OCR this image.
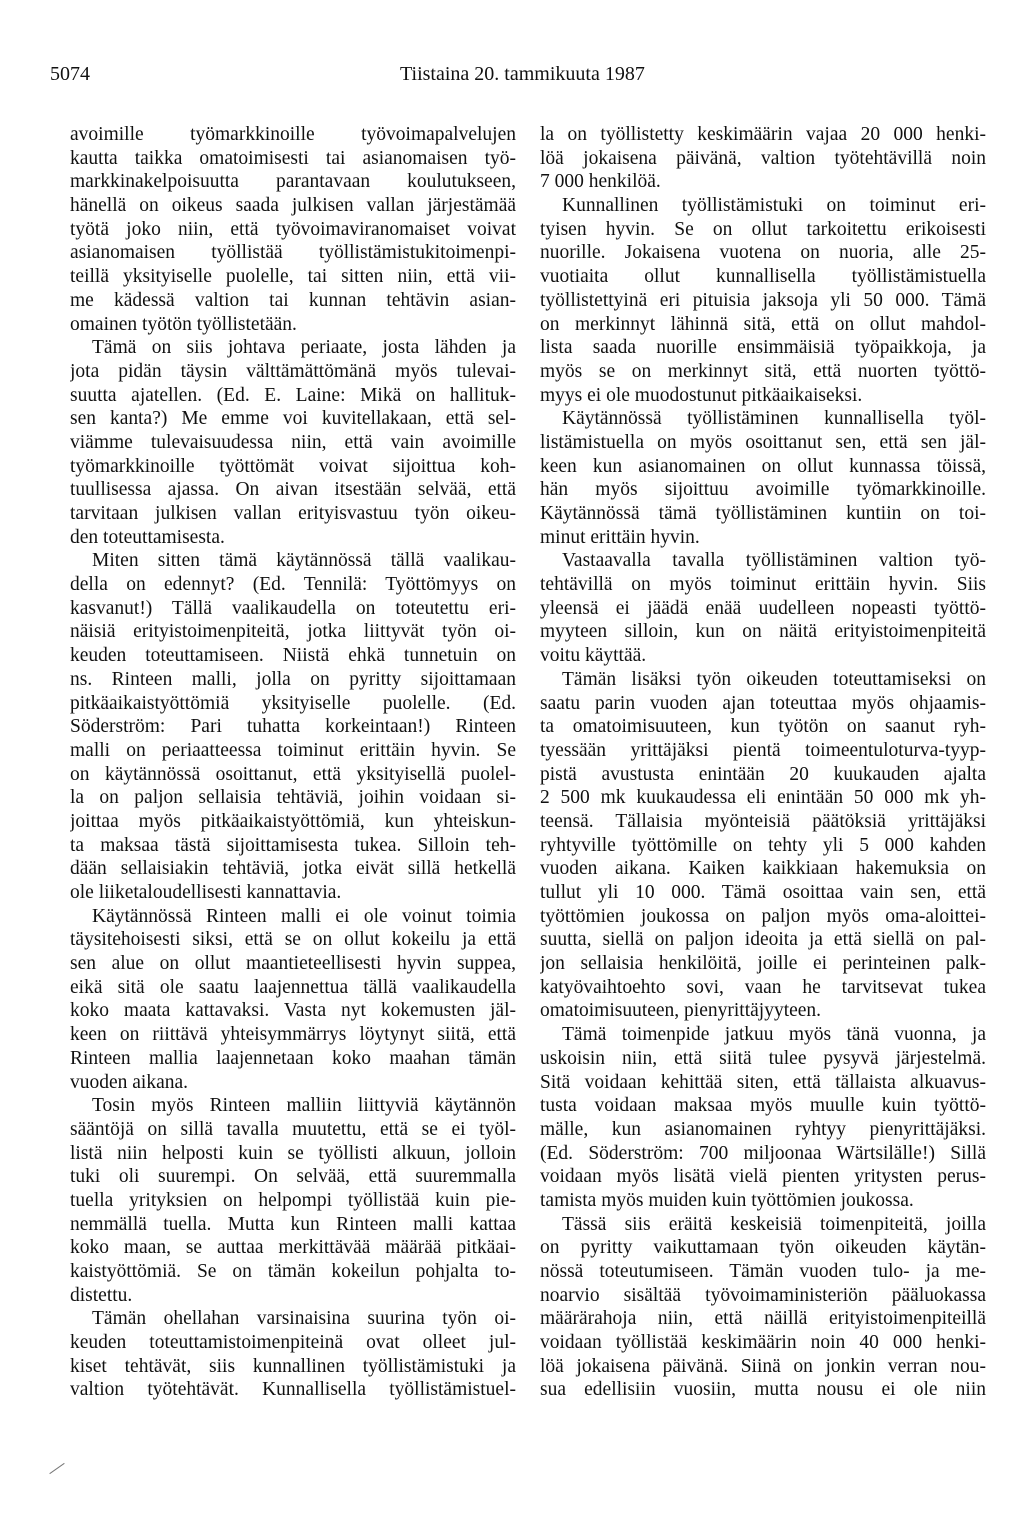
5074	Tiistaina 20. tammikuuta 1987
avoimille työmarkkinoille työvoimapalvelujen
kautta taikka omatoimisesti tai asianomaisen työ-
markkinakelpoisuutta parantavaan koulutukseen,
hänellä on oikeus saada julkisen vallan järjestämää
työtä joko niin, että työvoimaviranomaiset voivat
asianomaisen työllistää työllistämistukitoimenpi-
teillä yksityiselle puolelle, tai sitten niin, että vii-
me kädessä valtion tai kunnan tehtävin asian-
omainen työtön työllistetään.
Tämä on siis johtava periaate, josta lähden ja
jota pidän täysin välttämättömänä myös tulevai-
suutta ajatellen. (Ed. E. Laine: Mikä on hallituk-
sen kanta?) Me emme voi kuvitellakaan, että sel-
viämme tulevaisuudessa niin, että vain avoimille
työmarkkinoille työttömät voivat sijoittua koh-
tuullisessa ajassa. On aivan itsestään selvää, että
tarvitaan julkisen vallan erityisvastuu työn oikeu-
den toteuttamisesta.
Miten sitten tämä käytännössä tällä vaalikau-
della on edennyt? (Ed. Tennilä: Työttömyys on
kasvanut!) Tällä vaalikaudella on toteutettu eri-
näisiä erityistoimenpiteitä, jotka liittyvät työn oi-
keuden toteuttamiseen. Niistä ehkä tunnetuin on
ns. Rinteen malli, jolla on pyritty sijoittamaan
pitkäaikaistyöttömiä yksityiselle puolelle. (Ed.
Söderström: Pari tuhatta korkeintaan!) Rinteen
malli on periaatteessa toiminut erittäin hyvin. Se
on käytännössä osoittanut, että yksityisellä puolel-
la on paljon sellaisia tehtäviä, joihin voidaan si-
joittaa myös pitkäaikaistyöttömiä, kun yhteiskun-
ta maksaa tästä sijoittamisesta tukea. Silloin teh-
dään sellaisiakin tehtäviä, jotka eivät sillä hetkellä
ole liiketaloudellisesti kannattavia.
Käytännössä Rinteen malli ei ole voinut toimia
täysitehoisesti siksi, että se on ollut kokeilu ja että
sen alue on ollut maantieteellisesti hyvin suppea,
eikä sitä ole saatu laajennettua tällä vaalikaudella
koko maata kattavaksi. Vasta nyt kokemusten jäl-
keen on riittävä yhteisymmärrys löytynyt siitä, että
Rinteen mallia laajennetaan koko maahan tämän
vuoden aikana.
Tosin myös Rinteen malliin liittyviä käytännön
sääntöjä on sillä tavalla muutettu, että se ei työl-
listä niin helposti kuin se työllisti alkuun, jolloin
tuki oli suurempi. On selvää, että suuremmalla
tuella yrityksien on helpompi työllistää kuin pie-
nemmällä tuella. Mutta kun Rinteen malli kattaa
koko maan, se auttaa merkittävää määrää pitkäai-
kaistyöttömiä. Se on tämän kokeilun pohjalta to-
distettu.
Tämän ohellahan varsinaisina suurina työn oi-
keuden toteuttamistoimenpiteinä ovat olleet jul-
kiset tehtävät, siis kunnallinen työllistämistuki ja
valtion työtehtävät. Kunnallisella työllistämistuel-
la on työllistetty keskimäärin vajaa 20 000 henki-
löä jokaisena päivänä, valtion työtehtävillä noin
7 000 henkilöä.
Kunnallinen työllistämistuki on toiminut eri-
tyisen hyvin. Se on ollut tarkoitettu erikoisesti
nuorille. Jokaisena vuotena on nuoria, alle 25-
vuotiaita ollut kunnallisella työllistämistuella
työllistettyinä eri pituisia jaksoja yli 50 000. Tämä
on merkinnyt lähinnä sitä, että on ollut mahdol-
lista saada nuorille ensimmäisiä työpaikkoja, ja
myös se on merkinnyt sitä, että nuorten työttö-
myys ei ole muodostunut pitkäaikaiseksi.
Käytännössä työllistäminen kunnallisella työl-
listämistuella on myös osoittanut sen, että sen jäl-
keen kun asianomainen on ollut kunnassa töissä,
hän myös sijoittuu avoimille työmarkkinoille.
Käytännössä tämä työllistäminen kuntiin on toi-
minut erittäin hyvin.
Vastaavalla tavalla työllistäminen valtion työ-
tehtävillä on myös toiminut erittäin hyvin. Siis
yleensä ei jäädä enää uudelleen nopeasti työttö-
myyteen silloin, kun on näitä erityistoimenpiteitä
voitu käyttää.
Tämän lisäksi työn oikeuden toteuttamiseksi on
saatu parin vuoden ajan toteuttaa myös ohjaamis-
ta omatoimisuuteen, kun työtön on saanut ryh-
tyessään yrittäjäksi pientä toimeentuloturva-tyyp-
pistä avustusta enintään 20 kuukauden ajalta
2 500 mk kuukaudessa eli enintään 50 000 mk yh-
teensä. Tällaisia myönteisiä päätöksiä yrittäjäksi
ryhtyville työttömille on tehty yli 5 000 kahden
vuoden aikana. Kaiken kaikkiaan hakemuksia on
tullut yli 10 000. Tämä osoittaa vain sen, että
työttömien joukossa on paljon myös oma-aloittei-
suutta, siellä on paljon ideoita ja että siellä on pal-
jon sellaisia henkilöitä, joille ei perinteinen palk-
katyövaihtoehto sovi, vaan he tarvitsevat tukea
omatoimisuuteen, pienyrittäjyyteen.
Tämä toimenpide jatkuu myös tänä vuonna, ja
uskoisin niin, että siitä tulee pysyvä järjestelmä.
Sitä voidaan kehittää siten, että tällaista alkuavus-
tusta voidaan maksaa myös muulle kuin työttö-
mälle, kun asianomainen ryhtyy pienyrittäjäksi.
(Ed. Söderström: 700 miljoonaa Wärtsilälle!) Sillä
voidaan myös lisätä vielä pienten yritysten perus-
tamista myös muiden kuin työttömien joukossa.
Tässä siis eräitä keskeisiä toimenpiteitä, joilla
on pyritty vaikuttamaan työn oikeuden käytän-
nössä toteutumiseen. Tämän vuoden tulo- ja me-
noarvio sisältää työvoimaministeriön pääluokassa
määrärahoja niin, että näillä erityistoimenpiteillä
voidaan työllistää keskimäärin noin 40 000 henki-
löä jokaisena päivänä. Siinä on jonkin verran nou-
sua edellisiin vuosiin, mutta nousu ei ole niin
